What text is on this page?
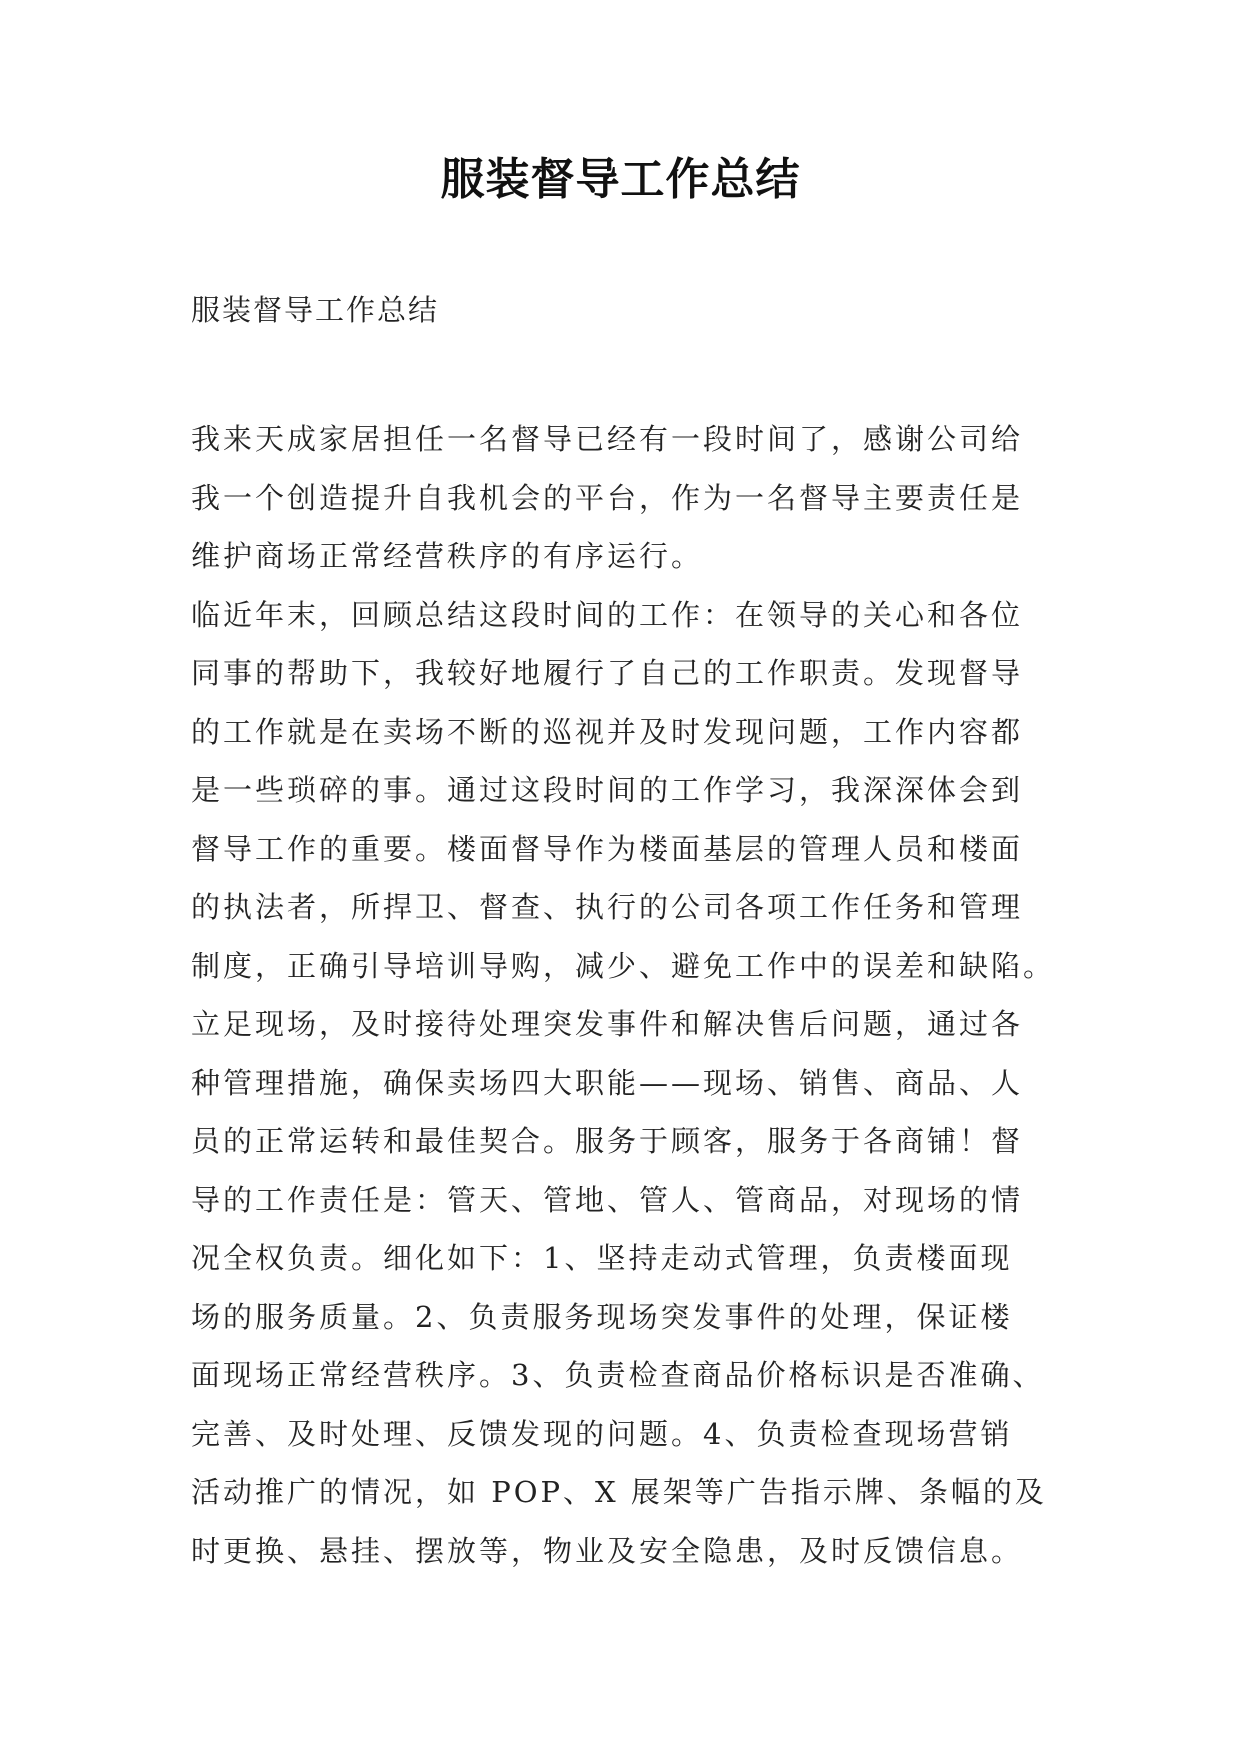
服装督导工作总结

服装督导工作总结

我来天成家居担任一名督导已经有一段时间了，感谢公司给

我一个创造提升自我机会的平台，作为一名督导主要责任是

维护商场正常经营秩序的有序运行。

临近年末，回顾总结这段时间的工作：在领导的关心和各位

同事的帮助下，我较好地履行了自己的工作职责。发现督导

的工作就是在卖场不断的巡视并及时发现问题，工作内容都

是一些琐碎的事。通过这段时间的工作学习，我深深体会到

督导工作的重要。楼面督导作为楼面基层的管理人员和楼面

的执法者，所捍卫、督查、执行的公司各项工作任务和管理

制度，正确引导培训导购，减少、避免工作中的误差和缺陷。

立足现场，及时接待处理突发事件和解决售后问题，通过各

种管理措施，确保卖场四大职能——现场、销售、商品、人

员的正常运转和最佳契合。服务于顾客，服务于各商铺！督

导的工作责任是：管天、管地、管人、管商品，对现场的情

况全权负责。细化如下：1、坚持走动式管理，负责楼面现

场的服务质量。2、负责服务现场突发事件的处理，保证楼

面现场正常经营秩序。3、负责检查商品价格标识是否准确、

完善、及时处理、反馈发现的问题。4、负责检查现场营销

活动推广的情况，如 POP、X 展架等广告指示牌、条幅的及

时更换、悬挂、摆放等，物业及安全隐患，及时反馈信息。
